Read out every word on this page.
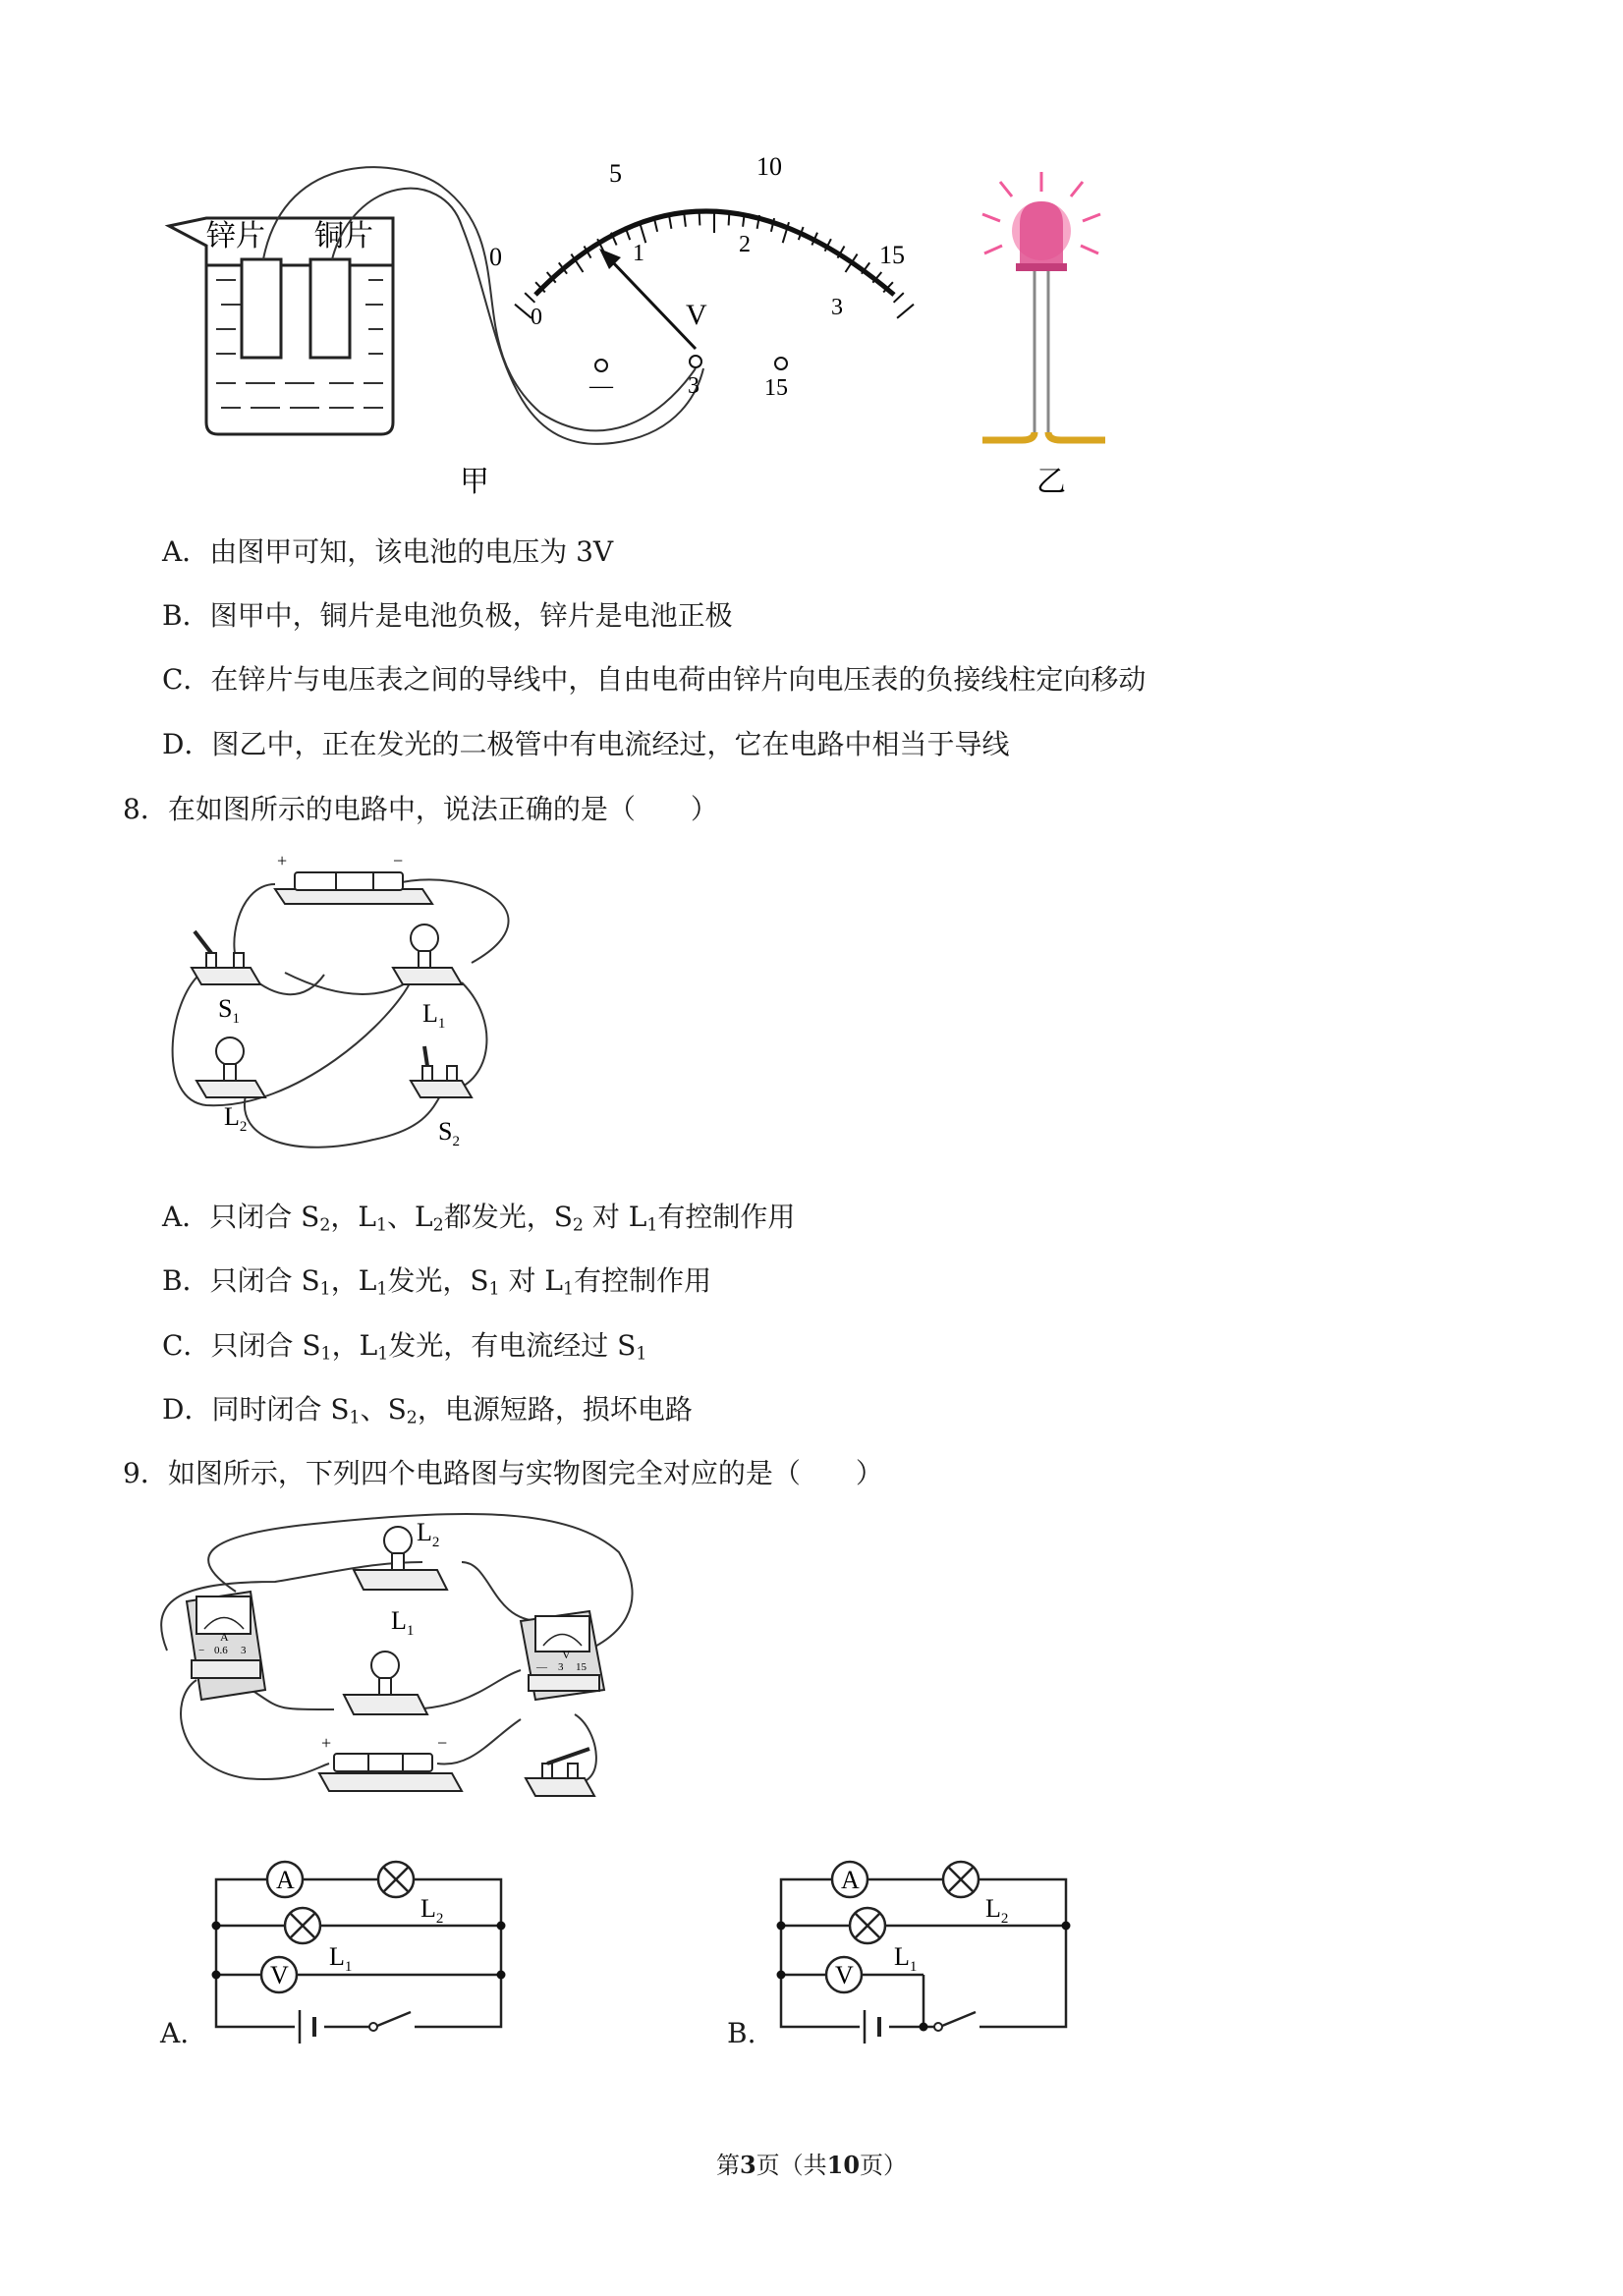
锌片 铜片
0
5	10
15
0
1	2
3
V
—	3	15
甲	乙
A．由图甲可知，该电池的电压为 3V
B．图甲中，铜片是电池负极，锌片是电池正极
C．在锌片与电压表之间的导线中，自由电荷由锌片向电压表的负接线柱定向移动
D．图乙中，正在发光的二极管中有电流经过，它在电路中相当于导线
8．在如图所示的电路中，说法正确的是（　　）
+	−
$S_1$	$L_1$
$L_2$	$S_2$
A．只闭合 $S_2$，$L_1$、$L_2$都发光，$S_2$ 对 $L_1$有控制作用
B．只闭合 $S_1$，$L_1$发光，$S_1$ 对 $L_1$有控制作用
C．只闭合 $S_1$，$L_1$发光，有电流经过 $S_1$
D．同时闭合 $S_1$、$S_2$，电源短路，损坏电路
9．如图所示，下列四个电路图与实物图完全对应的是（　　）
$L_2$
A
− 0.6 3
$L_1$
V
— 3 15
+	−
A
$L_2$
$L_1$
V
A.
A
$L_2$
$L_1$
V
B.
第3页（共10页）
